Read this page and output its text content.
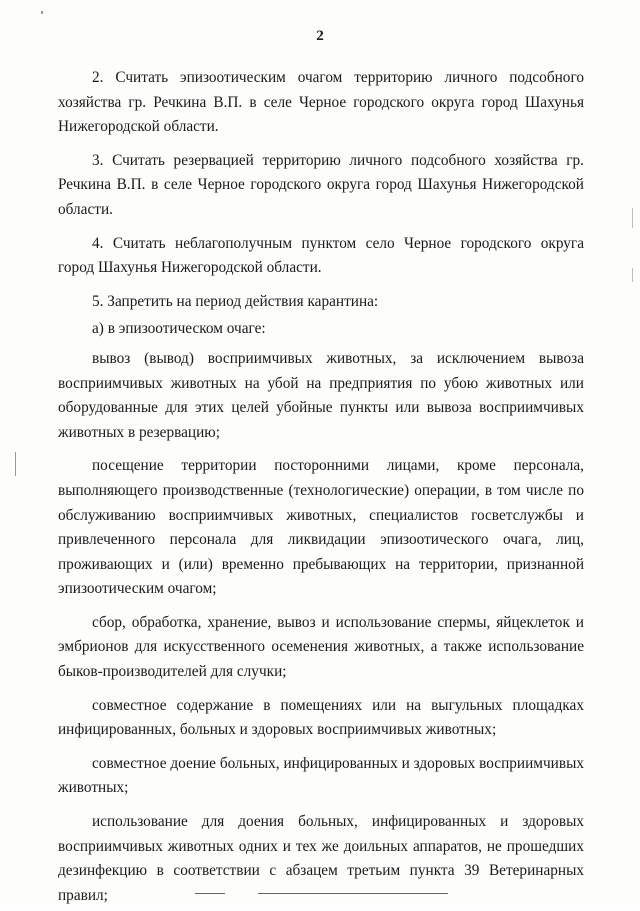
2

2. Считать эпизоотическим очагом территорию личного подсобного хозяйства гр. Речкина В.П. в селе Черное городского округа город Шахунья Нижегородской области.

3. Считать резервацией территорию личного подсобного хозяйства гр. Речкина В.П. в селе Черное городского округа город Шахунья Нижегородской области.

4. Считать неблагополучным пунктом село Черное городского округа город Шахунья Нижегородской области.

5. Запретить на период действия карантина:

а) в эпизоотическом очаге:

вывоз (вывод) восприимчивых животных, за исключением вывоза восприимчивых животных на убой на предприятия по убою животных или оборудованные для этих целей убойные пункты или вывоза восприимчивых животных в резервацию;

посещение территории посторонними лицами, кроме персонала, выполняющего производственные (технологические) операции, в том числе по обслуживанию восприимчивых животных, специалистов госветслужбы и привлеченного персонала для ликвидации эпизоотического очага, лиц, проживающих и (или) временно пребывающих на территории, признанной эпизоотическим очагом;

сбор, обработка, хранение, вывоз и использование спермы, яйцеклеток и эмбрионов для искусственного осеменения животных, а также использование быков-производителей для случки;

совместное содержание в помещениях или на выгульных площадках инфицированных, больных и здоровых восприимчивых животных;

совместное доение больных, инфицированных и здоровых восприимчивых животных;

использование для доения больных, инфицированных и здоровых восприимчивых животных одних и тех же доильных аппаратов, не прошедших дезинфекцию в соответствии с абзацем третьим пункта 39 Ветеринарных правил;
